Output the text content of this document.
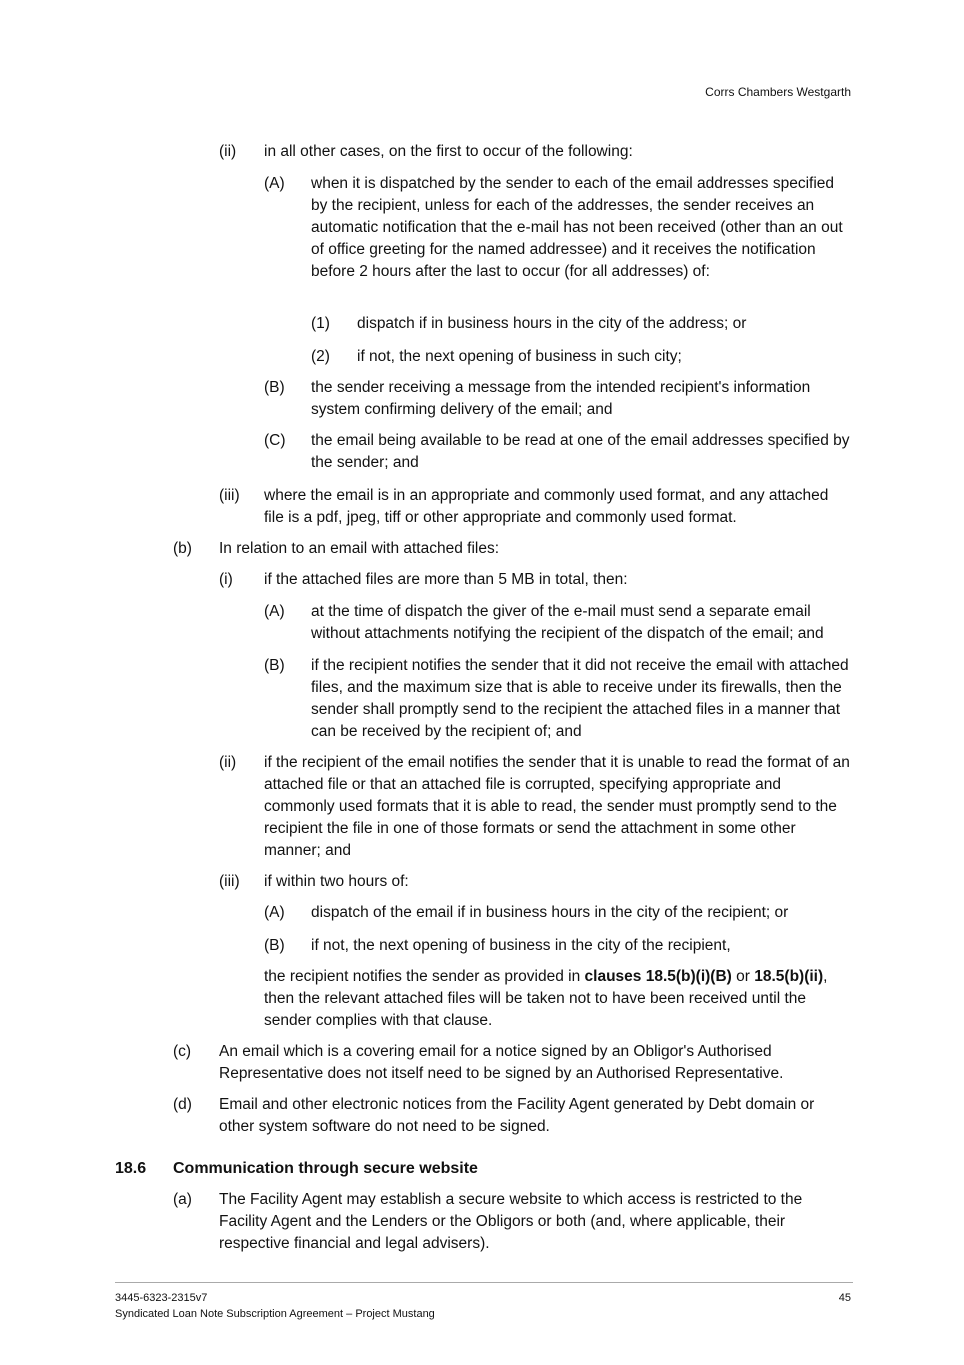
Corrs Chambers Westgarth
(ii) in all other cases, on the first to occur of the following:
(A) when it is dispatched by the sender to each of the email addresses specified by the recipient, unless for each of the addresses, the sender receives an automatic notification that the e-mail has not been received (other than an out of office greeting for the named addressee) and it receives the notification before 2 hours after the last to occur (for all addresses) of:
(1) dispatch if in business hours in the city of the address; or
(2) if not, the next opening of business in such city;
(B) the sender receiving a message from the intended recipient's information system confirming delivery of the email; and
(C) the email being available to be read at one of the email addresses specified by the sender; and
(iii) where the email is in an appropriate and commonly used format, and any attached file is a pdf, jpeg, tiff or other appropriate and commonly used format.
(b) In relation to an email with attached files:
(i) if the attached files are more than 5 MB in total, then:
(A) at the time of dispatch the giver of the e-mail must send a separate email without attachments notifying the recipient of the dispatch of the email; and
(B) if the recipient notifies the sender that it did not receive the email with attached files, and the maximum size that is able to receive under its firewalls, then the sender shall promptly send to the recipient the attached files in a manner that can be received by the recipient of; and
(ii) if the recipient of the email notifies the sender that it is unable to read the format of an attached file or that an attached file is corrupted, specifying appropriate and commonly used formats that it is able to read, the sender must promptly send to the recipient the file in one of those formats or send the attachment in some other manner; and
(iii) if within two hours of:
(A) dispatch of the email if in business hours in the city of the recipient; or
(B) if not, the next opening of business in the city of the recipient,
the recipient notifies the sender as provided in clauses 18.5(b)(i)(B) or 18.5(b)(ii), then the relevant attached files will be taken not to have been received until the sender complies with that clause.
(c) An email which is a covering email for a notice signed by an Obligor's Authorised Representative does not itself need to be signed by an Authorised Representative.
(d) Email and other electronic notices from the Facility Agent generated by Debt domain or other system software do not need to be signed.
18.6 Communication through secure website
(a) The Facility Agent may establish a secure website to which access is restricted to the Facility Agent and the Lenders or the Obligors or both (and, where applicable, their respective financial and legal advisers).
3445-6323-2315v7
Syndicated Loan Note Subscription Agreement – Project Mustang
45
